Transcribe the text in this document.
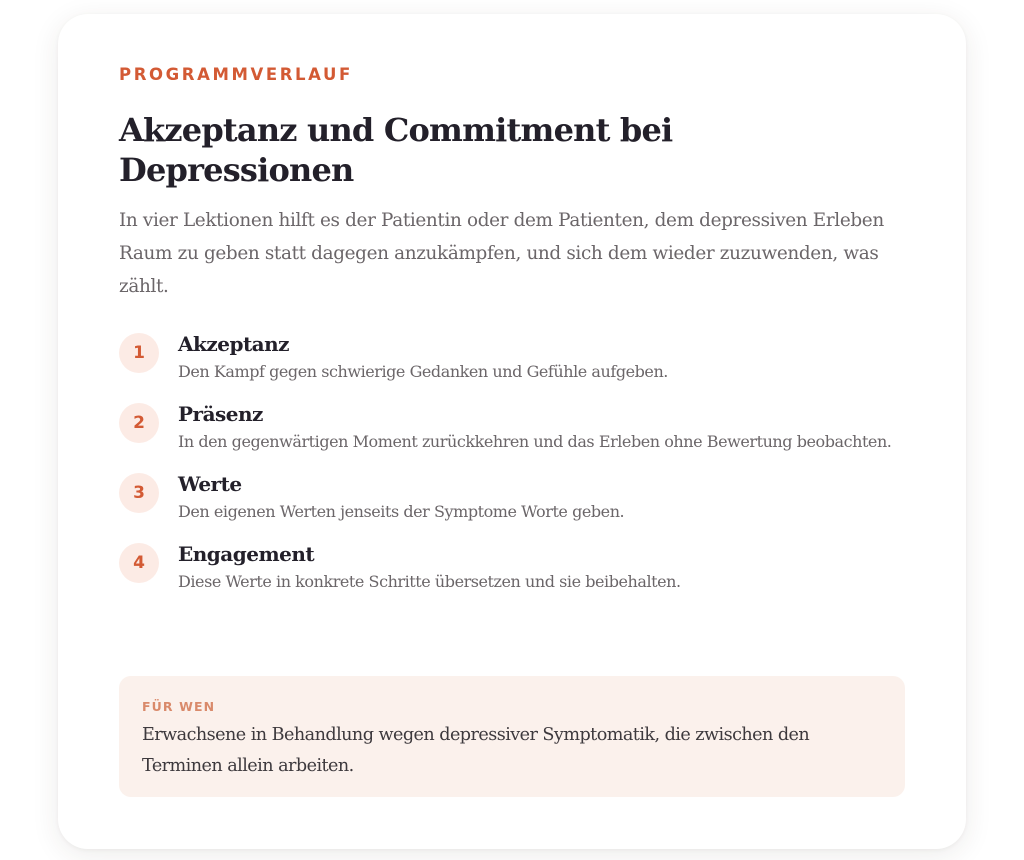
PROGRAMMVERLAUF
Akzeptanz und Commitment bei Depressionen

In vier Lektionen hilft es der Patientin oder dem Patienten, dem depressiven Erleben Raum zu geben statt dagegen anzukämpfen, und sich dem wieder zuzuwenden, was zählt.

1	Akzeptanz
Den Kampf gegen schwierige Gedanken und Gefühle aufgeben.
2	Präsenz
In den gegenwärtigen Moment zurückkehren und das Erleben ohne Bewertung beobachten.
3	Werte
Den eigenen Werten jenseits der Symptome Worte geben.
4	Engagement
Diese Werte in konkrete Schritte übersetzen und sie beibehalten.
FÜR WEN
Erwachsene in Behandlung wegen depressiver Symptomatik, die zwischen den Terminen allein arbeiten.
